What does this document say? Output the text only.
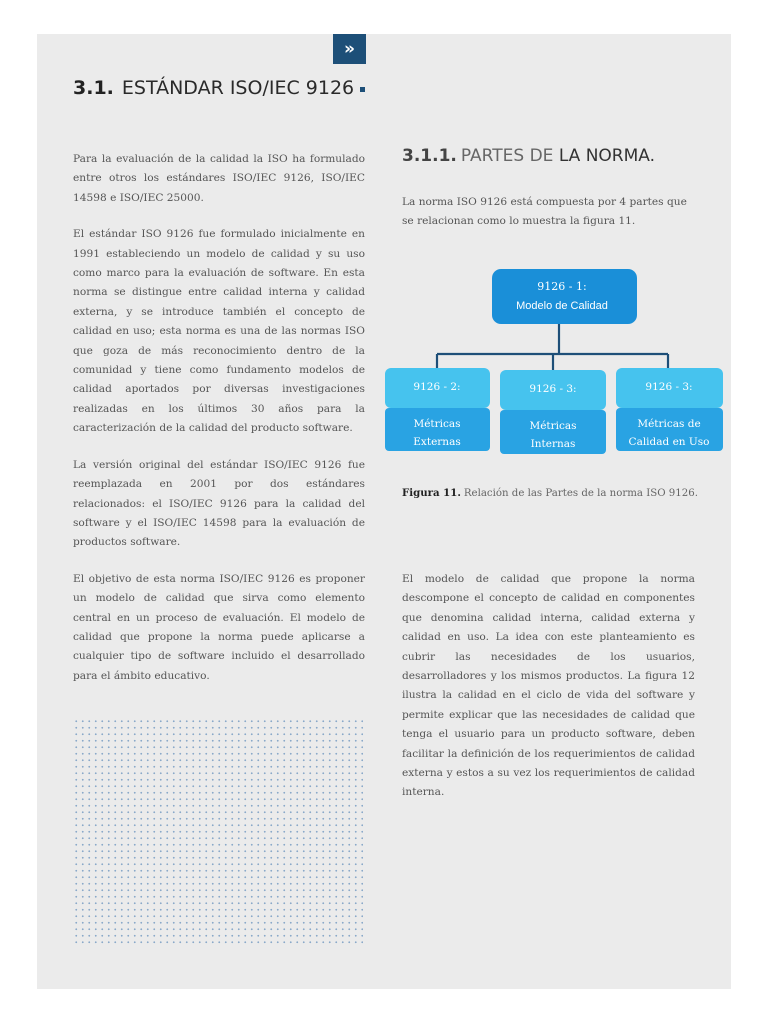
»
3.1. ESTÁNDAR ISO/IEC 9126

Para la evaluación de la calidad la ISO ha formulado entre otros los estándares ISO/IEC 9126, ISO/IEC 14598 e ISO/IEC 25000.

El estándar ISO 9126 fue formulado inicialmente en 1991 estableciendo un modelo de calidad y su uso como marco para la evaluación de software. En esta norma se distingue entre calidad interna y calidad externa, y se introduce también el concepto de calidad en uso; esta norma es una de las normas ISO que goza de más reconocimiento dentro de la comunidad y tiene como fundamento modelos de calidad aportados por diversas investigaciones realizadas en los últimos 30 años para la caracterización de la calidad del producto software.

La versión original del estándar ISO/IEC 9126 fue reemplazada en 2001 por dos estándares relacionados: el ISO/IEC 9126 para la calidad del software y el ISO/IEC 14598 para la evaluación de productos software.

El objetivo de esta norma ISO/IEC 9126 es proponer un modelo de calidad que sirva como elemento central en un proceso de evaluación. El modelo de calidad que propone la norma puede aplicarse a cualquier tipo de software incluido el desarrollado para el ámbito educativo.

3.1.1. PARTES DE LA NORMA.
La norma ISO 9126 está compuesta por 4 partes que se relacionan como lo muestra la figura 11.
9126 - 1:
Modelo de Calidad
9126 - 2:
Métricas
Externas
9126 - 3:
Métricas
Internas
9126 - 3:
Métricas de
Calidad en Uso
Figura 11. Relación de las Partes de la norma ISO 9126.

El modelo de calidad que propone la norma descompone el concepto de calidad en componentes que denomina calidad interna, calidad externa y calidad en uso. La idea con este planteamiento es cubrir las necesidades de los usuarios, desarrolladores y los mismos productos. La figura 12 ilustra la calidad en el ciclo de vida del software y permite explicar que las necesidades de calidad que tenga el usuario para un producto software, deben facilitar la definición de los requerimientos de calidad externa y estos a su vez los requerimientos de calidad interna.
